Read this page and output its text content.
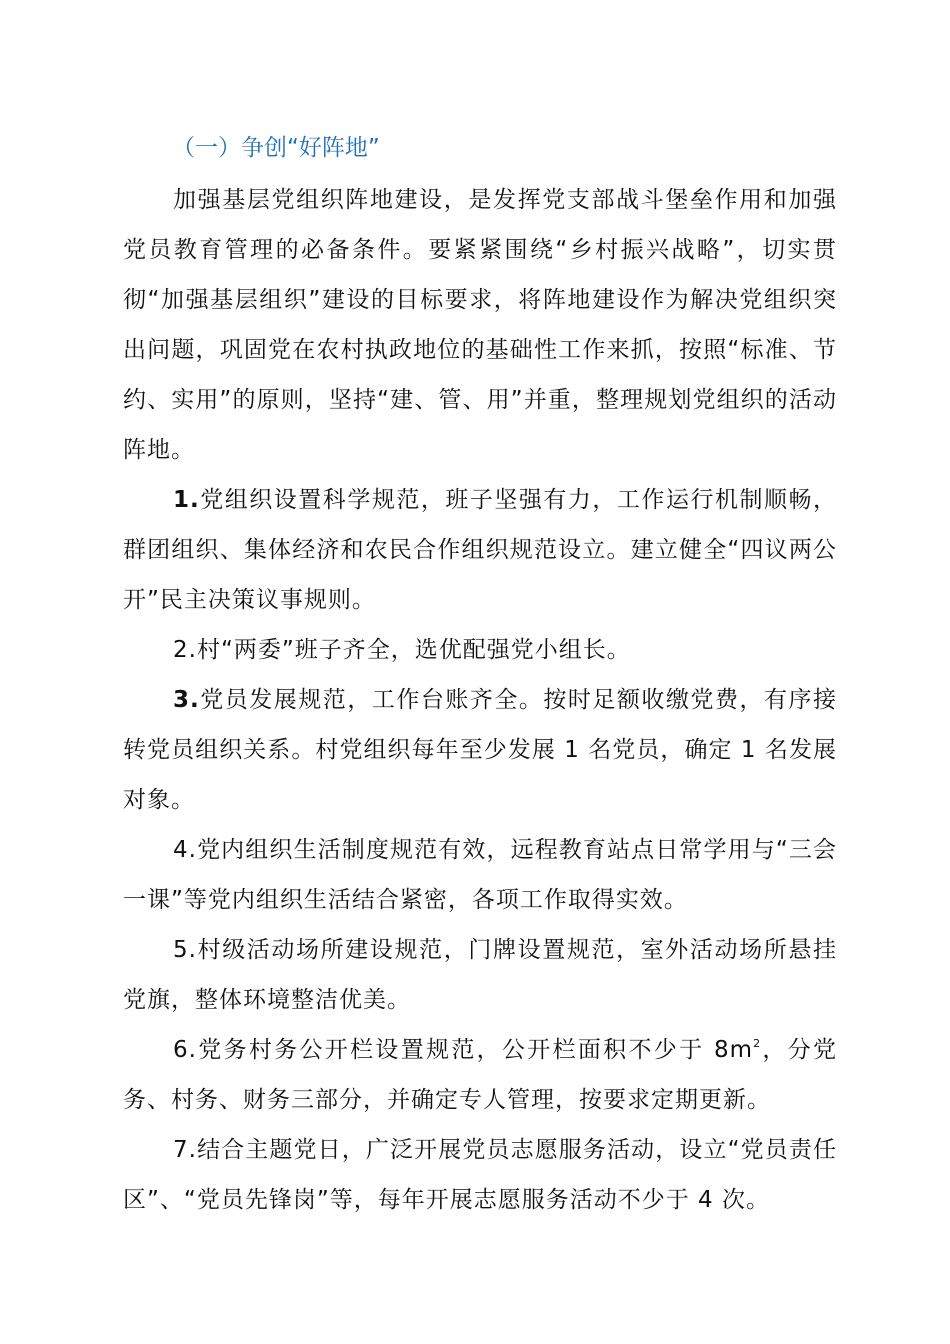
（一）争创“好阵地”

加强基层党组织阵地建设，是发挥党支部战斗堡垒作用和加强党员教育管理的必备条件。要紧紧围绕“乡村振兴战略”，切实贯彻“加强基层组织”建设的目标要求，将阵地建设作为解决党组织突出问题，巩固党在农村执政地位的基础性工作来抓，按照“标准、节约、实用”的原则，坚持“建、管、用”并重，整理规划党组织的活动阵地。

1.党组织设置科学规范，班子坚强有力，工作运行机制顺畅，群团组织、集体经济和农民合作组织规范设立。建立健全“四议两公开”民主决策议事规则。

2.村“两委”班子齐全，选优配强党小组长。

3.党员发展规范，工作台账齐全。按时足额收缴党费，有序接转党员组织关系。村党组织每年至少发展 1 名党员，确定 1 名发展对象。

4.党内组织生活制度规范有效，远程教育站点日常学用与“三会一课”等党内组织生活结合紧密，各项工作取得实效。

5.村级活动场所建设规范，门牌设置规范，室外活动场所悬挂党旗，整体环境整洁优美。

6.党务村务公开栏设置规范，公开栏面积不少于 $8m^2$，分党务、村务、财务三部分，并确定专人管理，按要求定期更新。

7.结合主题党日，广泛开展党员志愿服务活动，设立“党员责任区”、“党员先锋岗”等，每年开展志愿服务活动不少于 4 次。
